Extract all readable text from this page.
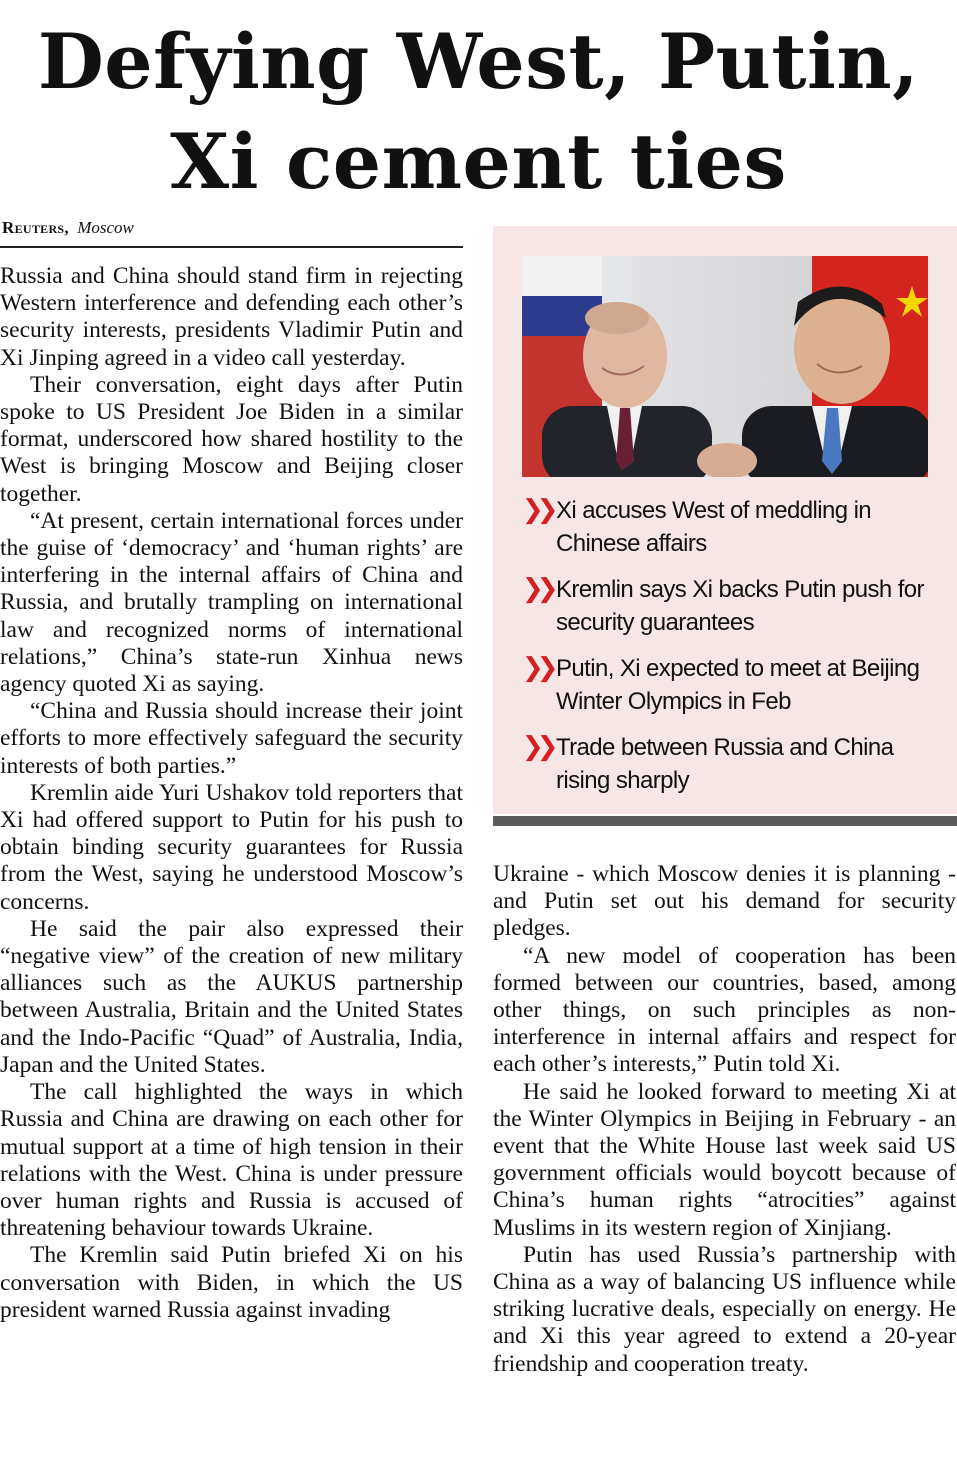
Defying West, Putin,
Xi cement ties
Reuters, Moscow

Russia and China should stand firm in rejecting Western interference and defending each other’s security interests, presidents Vladimir Putin and Xi Jinping agreed in a video call yesterday.

Their conversation, eight days after Putin spoke to US President Joe Biden in a similar format, underscored how shared hostility to the West is bringing Moscow and Beijing closer together.

“At present, certain international forces under the guise of ‘democracy’ and ‘human rights’ are interfering in the internal affairs of China and Russia, and brutally trampling on international law and recognized norms of international relations,” China’s state-run Xinhua news agency quoted Xi as saying.

“China and Russia should increase their joint efforts to more effectively safeguard the security interests of both parties.”

Kremlin aide Yuri Ushakov told reporters that Xi had offered support to Putin for his push to obtain binding security guarantees for Russia from the West, saying he understood Moscow’s concerns.

He said the pair also expressed their “negative view” of the creation of new military alliances such as the AUKUS partnership between Australia, Britain and the United States and the Indo-Pacific “Quad” of Australia, India, Japan and the United States.

The call highlighted the ways in which Russia and China are drawing on each other for mutual support at a time of high tension in their relations with the West. China is under pressure over human rights and Russia is accused of threatening behaviour towards Ukraine.

The Kremlin said Putin briefed Xi on his conversation with Biden, in which the US president warned Russia against invading

❯❯ Xi accuses West of meddling in Chinese affairs
❯❯ Kremlin says Xi backs Putin push for security guarantees
❯❯ Putin, Xi expected to meet at Beijing Winter Olympics in Feb
❯❯ Trade between Russia and China rising sharply

Ukraine - which Moscow denies it is planning - and Putin set out his demand for security pledges.

“A new model of cooperation has been formed between our countries, based, among other things, on such principles as non-interference in internal affairs and respect for each other’s interests,” Putin told Xi.

He said he looked forward to meeting Xi at the Winter Olympics in Beijing in February - an event that the White House last week said US government officials would boycott because of China’s human rights “atrocities” against Muslims in its western region of Xinjiang.

Putin has used Russia’s partnership with China as a way of balancing US influence while striking lucrative deals, especially on energy. He and Xi this year agreed to extend a 20-year friendship and cooperation treaty.
